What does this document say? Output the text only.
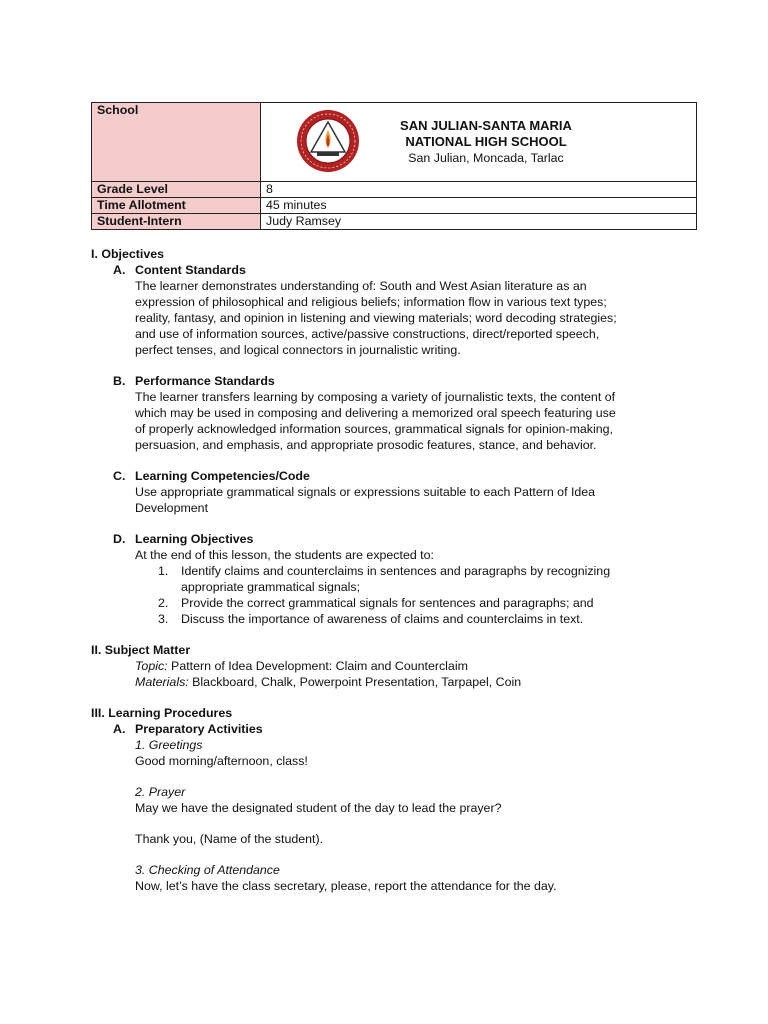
School	SAN JULIAN-SANTA MARIA
NATIONAL HIGH SCHOOL
San Julian, Moncada, Tarlac

Grade Level	8
Time Allotment	45 minutes
Student-Intern	Judy Ramsey
I. Objectives
A. Content Standards
The learner demonstrates understanding of: South and West Asian literature as an
expression of philosophical and religious beliefs; information flow in various text types;
reality, fantasy, and opinion in listening and viewing materials; word decoding strategies;
and use of information sources, active/passive constructions, direct/reported speech,
perfect tenses, and logical connectors in journalistic writing.
B. Performance Standards
The learner transfers learning by composing a variety of journalistic texts, the content of
which may be used in composing and delivering a memorized oral speech featuring use
of properly acknowledged information sources, grammatical signals for opinion-making,
persuasion, and emphasis, and appropriate prosodic features, stance, and behavior.
C. Learning Competencies/Code
Use appropriate grammatical signals or expressions suitable to each Pattern of Idea
Development
D. Learning Objectives
At the end of this lesson, the students are expected to:
1.	Identify claims and counterclaims in sentences and paragraphs by recognizing
appropriate grammatical signals;
2.	Provide the correct grammatical signals for sentences and paragraphs; and
3.	Discuss the importance of awareness of claims and counterclaims in text.
II. Subject Matter
Topic: Pattern of Idea Development: Claim and Counterclaim
Materials: Blackboard, Chalk, Powerpoint Presentation, Tarpapel, Coin
III. Learning Procedures
A. Preparatory Activities
1. Greetings
Good morning/afternoon, class!
2. Prayer
May we have the designated student of the day to lead the prayer?
Thank you, (Name of the student).
3. Checking of Attendance
Now, let’s have the class secretary, please, report the attendance for the day.
